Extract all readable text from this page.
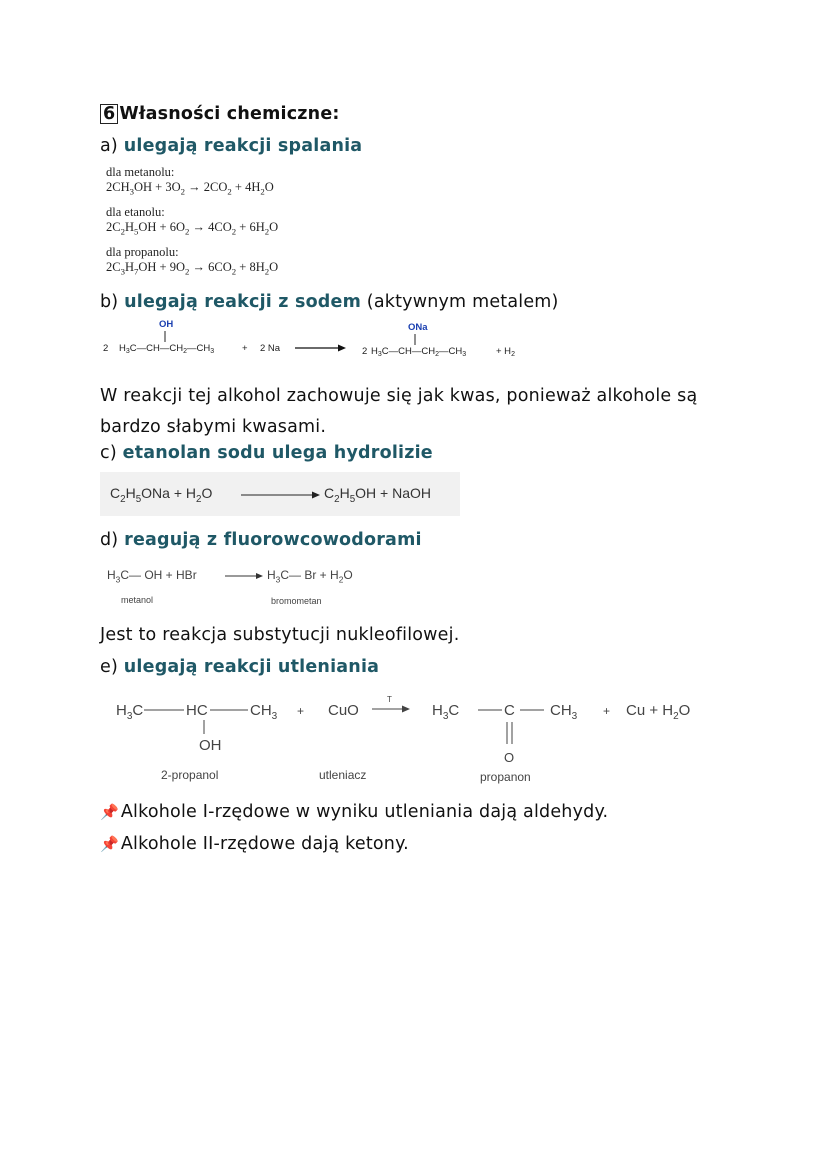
6 Własności chemiczne:
a) ulegają reakcji spalania
dla metanolu:
$2CH_3OH + 3O_2 \to 2CO_2 + 4H_2O$
dla etanolu:
$2C_2H_5OH + 6O_2 \to 4CO_2 + 6H_2O$
dla propanolu:
$2C_3H_7OH + 9O_2 \to 6CO_2 + 8H_2O$
b) ulegają reakcji z sodem (aktywnym metalem)
2 $H_3C—CH—CH_2—CH_3$
OH
+ 2 Na	2 $H_3C—CH—CH_2—CH_3$
ONa
+ $H_2$
W reakcji tej alkohol zachowuje się jak kwas, ponieważ alkohole są
bardzo słabymi kwasami.
c) etanolan sodu ulega hydrolizie
$C_2H_5ONa + H_2O$	$C_2H_5OH$ + NaOH
d) reagują z fluorowcowodorami
$H_3C—$ OH + HBr	$H_3C—$ $Br + H_2O$
metanol	bromometan
Jest to reakcja substytucji nukleofilowej.
e) ulegają reakcji utleniania
$H_3C$	HC	$CH_3$
OH
+ CuO
T
$H_3C$	C $CH_3$
O
+ $Cu + H_2O$
2-propanol	utleniacz	propanon
📌 Alkohole I-rzędowe w wyniku utleniania dają aldehydy.
📌 Alkohole II-rzędowe dają ketony.
